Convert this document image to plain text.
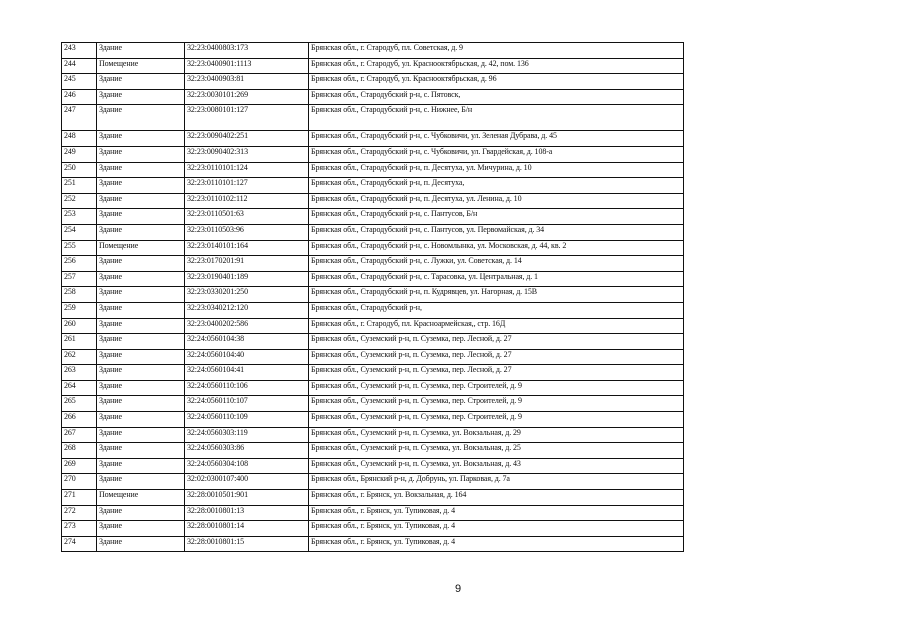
243	Здание	32:23:0400803:173	Брянская обл., г. Стародуб, пл. Советская, д. 9
244	Помещение	32:23:0400901:1113	Брянская обл., г. Стародуб, ул. Краснооктябрьская, д. 42, пом. 136
245	Здание	32:23:0400903:81	Брянская обл., г. Стародуб, ул. Краснооктябрьская, д. 96
246	Здание	32:23:0030101:269	Брянская обл., Стародубский р-н, с. Пятовск,
247	Здание	32:23:0080101:127	Брянская обл., Стародубский р-н, с. Нижнее, Б/н
248	Здание	32:23:0090402:251	Брянская обл., Стародубский р-н, с. Чубковичи, ул. Зеленая Дубрава, д. 45
249	Здание	32:23:0090402:313	Брянская обл., Стародубский р-н, с. Чубковичи, ул. Гвардейская, д. 108-а
250	Здание	32:23:0110101:124	Брянская обл., Стародубский р-н, п. Десятуха, ул. Мичурина, д. 10
251	Здание	32:23:0110101:127	Брянская обл., Стародубский р-н, п. Десятуха,
252	Здание	32:23:0110102:112	Брянская обл., Стародубский р-н, п. Десятуха, ул. Ленина, д. 10
253	Здание	32:23:0110501:63	Брянская обл., Стародубский р-н, с. Пантусов, Б/н
254	Здание	32:23:0110503:96	Брянская обл., Стародубский р-н, с. Пантусов, ул. Первомайская, д. 34
255	Помещение	32:23:0140101:164	Брянская обл., Стародубский р-н, с. Новомлынка, ул. Московская, д. 44, кв. 2
256	Здание	32:23:0170201:91	Брянская обл., Стародубский р-н, с. Лужки, ул. Советская, д. 14
257	Здание	32:23:0190401:189	Брянская обл., Стародубский р-н, с. Тарасовка, ул. Центральная, д. 1
258	Здание	32:23:0330201:250	Брянская обл., Стародубский р-н, п. Кудрявцев, ул. Нагорная, д. 15В
259	Здание	32:23:0340212:120	Брянская обл., Стародубский р-н,
260	Здание	32:23:0400202:586	Брянская обл., г. Стародуб, пл. Красноармейская,, стр. 16Д
261	Здание	32:24:0560104:38	Брянская обл., Суземский р-н, п. Суземка, пер. Лесной, д. 27
262	Здание	32:24:0560104:40	Брянская обл., Суземский р-н, п. Суземка, пер. Лесной, д. 27
263	Здание	32:24:0560104:41	Брянская обл., Суземский р-н, п. Суземка, пер. Лесной, д. 27
264	Здание	32:24:0560110:106	Брянская обл., Суземский р-н, п. Суземка, пер. Строителей, д. 9
265	Здание	32:24:0560110:107	Брянская обл., Суземский р-н, п. Суземка, пер. Строителей, д. 9
266	Здание	32:24:0560110:109	Брянская обл., Суземский р-н, п. Суземка, пер. Строителей, д. 9
267	Здание	32:24:0560303:119	Брянская обл., Суземский р-н, п. Суземка, ул. Вокзальная, д. 29
268	Здание	32:24:0560303:86	Брянская обл., Суземский р-н, п. Суземка, ул. Вокзальная, д. 25
269	Здание	32:24:0560304:108	Брянская обл., Суземский р-н, п. Суземка, ул. Вокзальная, д. 43
270	Здание	32:02:0300107:400	Брянская обл., Брянский р-н, д. Добрунь, ул. Парковая, д. 7а
271	Помещение	32:28:0010501:901	Брянская обл., г. Брянск, ул. Вокзальная, д. 164
272	Здание	32:28:0010801:13	Брянская обл., г. Брянск, ул. Тупиковая, д. 4
273	Здание	32:28:0010801:14	Брянская обл., г. Брянск, ул. Тупиковая, д. 4
274	Здание	32:28:0010801:15	Брянская обл., г. Брянск, ул. Тупиковая, д. 4
9
